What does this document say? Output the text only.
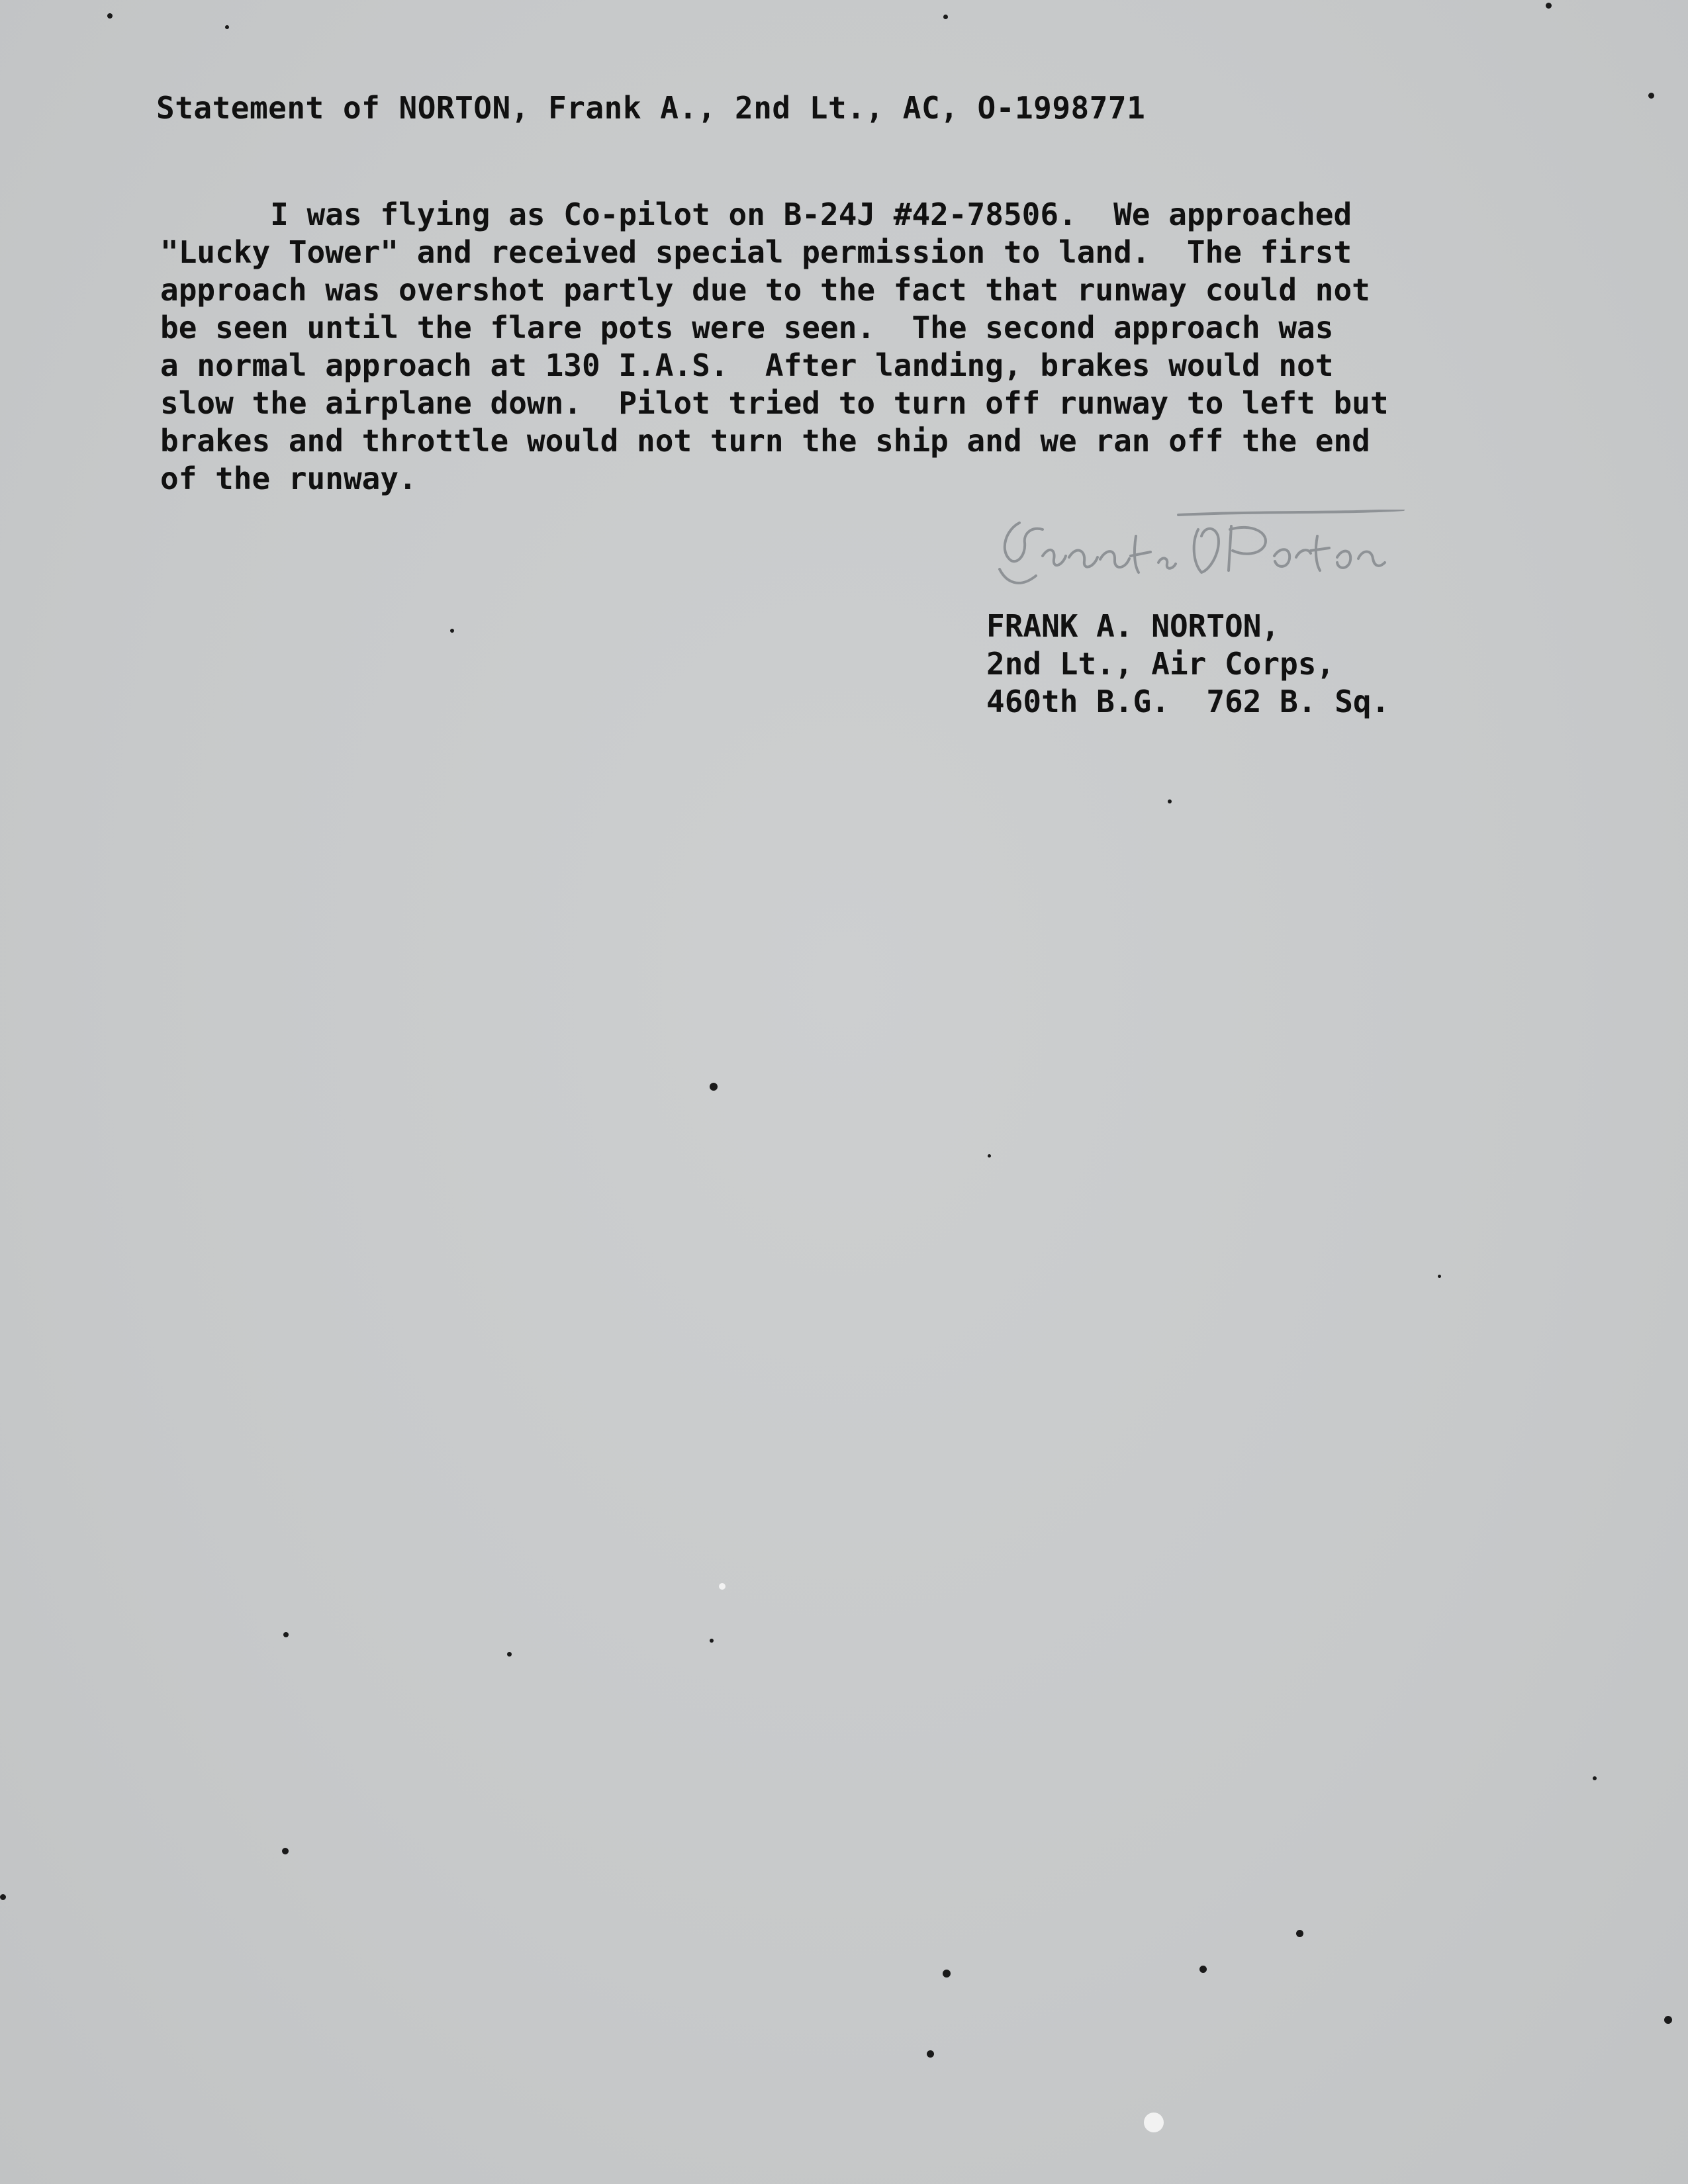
Statement of NORTON, Frank A., 2nd Lt., AC, O-1998771
I was flying as Co-pilot on B-24J #42-78506.  We approached
"Lucky Tower" and received special permission to land.  The first
approach was overshot partly due to the fact that runway could not
be seen until the flare pots were seen.  The second approach was
a normal approach at 130 I.A.S.  After landing, brakes would not
slow the airplane down.  Pilot tried to turn off runway to left but
brakes and throttle would not turn the ship and we ran off the end
of the runway.
FRANK A. NORTON,
2nd Lt., Air Corps,
460th B.G.  762 B. Sq.
